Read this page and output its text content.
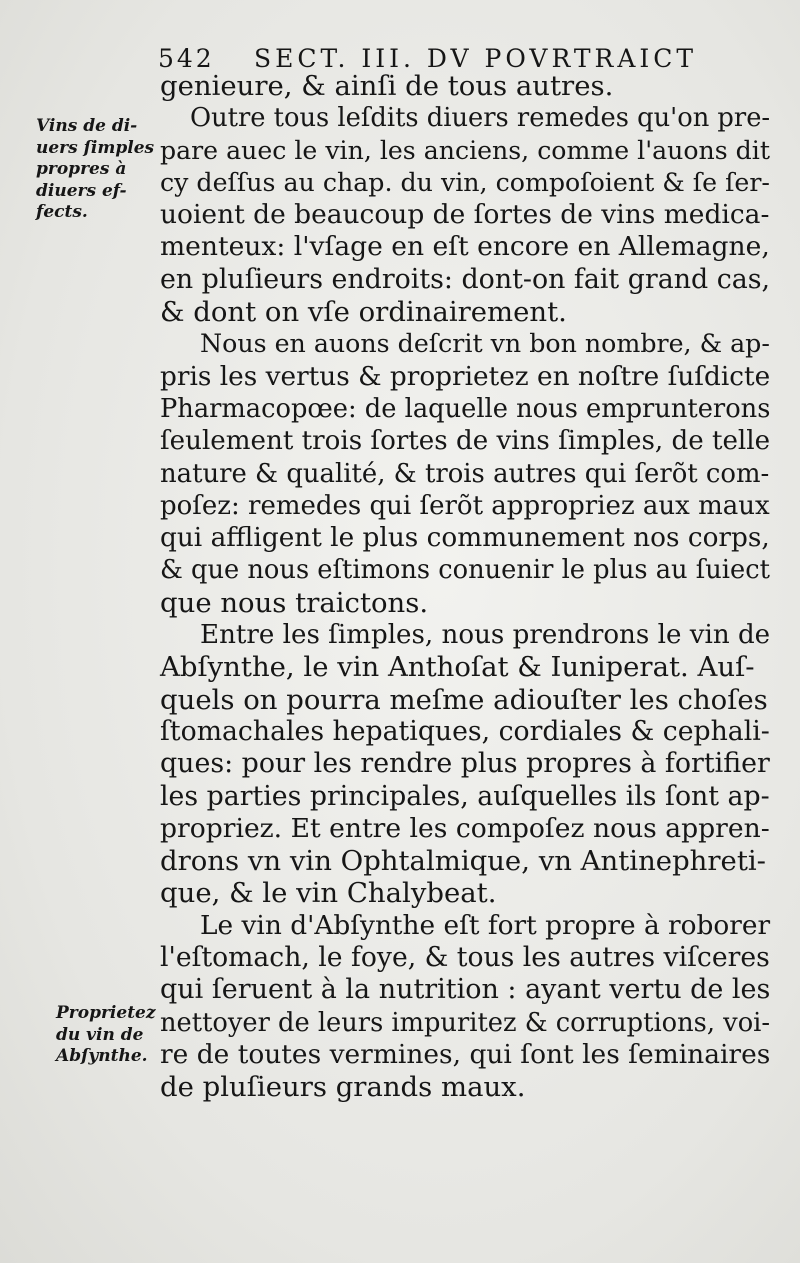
542 SECT. III. DV POVRTRAICT
Vins de di-
uers ſimples
propres à
diuers ef-
fects.
Proprietez
du vin de
Abſynthe.
genieure, & ainſi de tous autres.
Outre tous leſdits diuers remedes qu'on pre-
pare auec le vin, les anciens, comme l'auons dit
cy deſſus au chap. du vin, compoſoient & ſe ſer-
uoient de beaucoup de ſortes de vins medica-
menteux: l'vſage en eſt encore en Allemagne,
en pluſieurs endroits: dont-on fait grand cas,
& dont on vſe ordinairement.
Nous en auons deſcrit vn bon nombre, & ap-
pris les vertus & proprietez en noſtre ſuſdicte
Pharmacopœe: de laquelle nous emprunterons
ſeulement trois ſortes de vins ſimples, de telle
nature & qualité, & trois autres qui ſerõt com-
poſez: remedes qui ſerõt appropriez aux maux
qui affligent le plus communement nos corps,
& que nous eſtimons conuenir le plus au ſuiect
que nous traictons.
Entre les ſimples, nous prendrons le vin de
Abſynthe, le vin Anthoſat & Iuniperat. Auſ-
quels on pourra meſme adiouſter les choſes
ſtomachales hepatiques, cordiales & cephali-
ques: pour les rendre plus propres à fortifier
les parties principales, auſquelles ils ſont ap-
propriez. Et entre les compoſez nous appren-
drons vn vin Ophtalmique, vn Antinephreti-
que, & le vin Chalybeat.
Le vin d'Abſynthe eſt fort propre à roborer
l'eſtomach, le foye, & tous les autres viſceres
qui ſeruent à la nutrition : ayant vertu de les
nettoyer de leurs impuritez & corruptions, voi-
re de toutes vermines, qui ſont les ſeminaires
de pluſieurs grands maux.
